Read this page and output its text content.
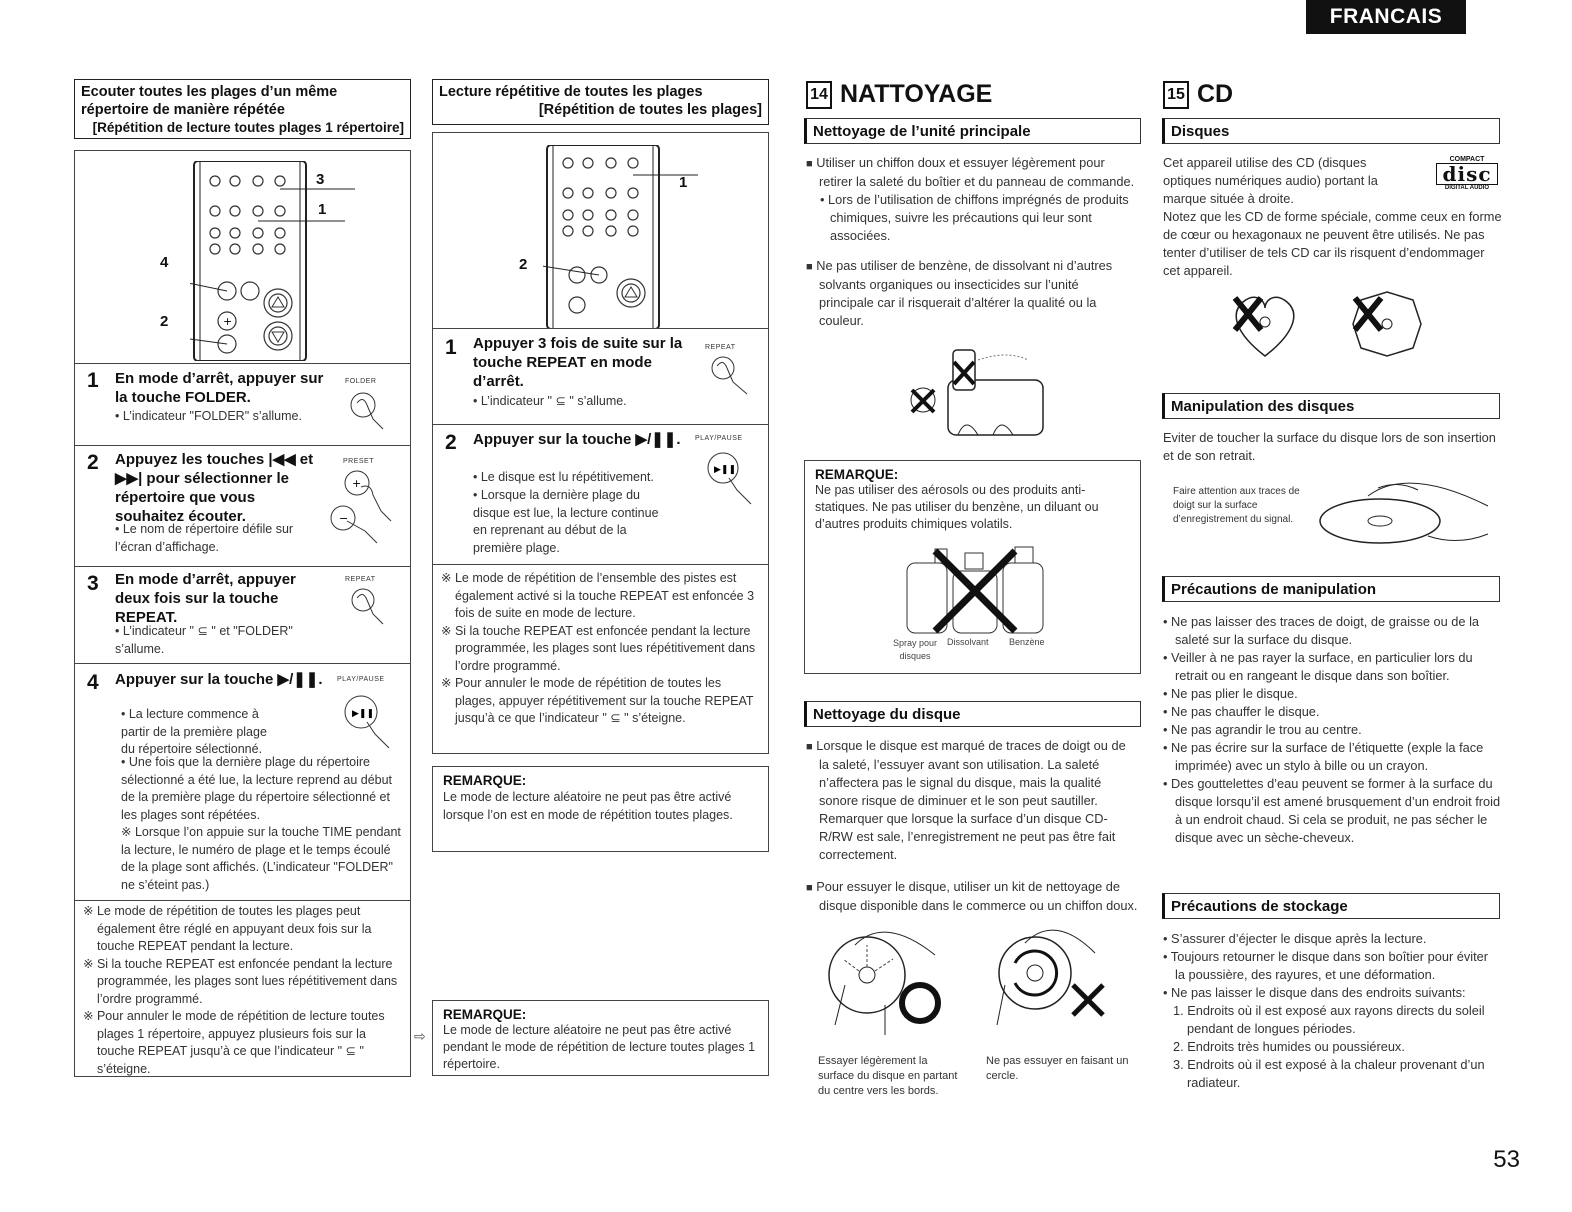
FRANCAIS
53
Ecouter toutes les plages d’un même
répertoire de manière répétée
[Répétition de lecture toutes plages 1 répertoire]
+
3
1
4
2
1 En mode d’arrêt, appuyer sur la touche FOLDER.
• L’indicateur "FOLDER" s’allume.
FOLDER
2 Appuyez les touches |◀◀ et ▶▶| pour sélectionner le répertoire que vous souhaitez écouter.
• Le nom de répertoire défile sur l’écran d’affichage.
PRESET
+
−
3 En mode d’arrêt, appuyer deux fois sur la touche REPEAT.
• L’indicateur " ⊆ " et "FOLDER" s’allume.
REPEAT
4 Appuyer sur la touche ▶/❚❚.
• La lecture commence à partir de la première plage du répertoire sélectionné.
• Une fois que la dernière plage du répertoire sélectionné a été lue, la lecture reprend au début de la première plage du répertoire sélectionné et les plages sont répétées.
※ Lorsque l’on appuie sur la touche TIME pendant la lecture, le numéro de plage et le temps écoulé de la plage sont affichés. (L’indicateur "FOLDER" ne s’éteint pas.)
PLAY/PAUSE
▶❚❚

※ Le mode de répétition de toutes les plages peut également être réglé en appuyant deux fois sur la touche REPEAT pendant la lecture.

※ Si la touche REPEAT est enfoncée pendant la lecture programmée, les plages sont lues répétitivement dans l’ordre programmé.

※ Pour annuler le mode de répétition de lecture toutes plages 1 répertoire, appuyez plusieurs fois sur la touche REPEAT jusqu’à ce que l’indicateur " ⊆ " s’éteigne.

Lecture répétitive de toutes les plages
[Répétition de toutes les plages]
1
2
1 Appuyer 3 fois de suite sur la touche REPEAT en mode d’arrêt.
• L’indicateur " ⊆ " s’allume.
REPEAT
2 Appuyer sur la touche ▶/❚❚.
• Le disque est lu répétitivement.
• Lorsque la dernière plage du disque est lue, la lecture continue en reprenant au début de la première plage.
PLAY/PAUSE
▶❚❚

※ Le mode de répétition de l’ensemble des pistes est également activé si la touche REPEAT est enfoncée 3 fois de suite en mode de lecture.

※ Si la touche REPEAT est enfoncée pendant la lecture programmée, les plages sont lues répétitivement dans l’ordre programmé.

※ Pour annuler le mode de répétition de toutes les plages, appuyer répétitivement sur la touche REPEAT jusqu’à ce que l’indicateur " ⊆ " s’éteigne.

REMARQUE:
Le mode de lecture aléatoire ne peut pas être activé lorsque l’on est en mode de répétition toutes plages.
REMARQUE:
Le mode de lecture aléatoire ne peut pas être activé pendant le mode de répétition de lecture toutes plages 1 répertoire.
⇨
14 NATTOYAGE
Nettoyage de l’unité principale

■ Utiliser un chiffon doux et essuyer légèrement pour retirer la saleté du boîtier et du panneau de commande.

• Lors de l’utilisation de chiffons imprégnés de produits chimiques, suivre les précautions qui leur sont associées.

■ Ne pas utiliser de benzène, de dissolvant ni d’autres solvants organiques ou insecticides sur l’unité principale car il risquerait d’altérer la qualité ou la couleur.

REMARQUE:
Ne pas utiliser des aérosols ou des produits anti-statiques. Ne pas utiliser du benzène, un diluant ou d’autres produits chimiques volatils.
Spray pour disques
Dissolvant Benzène
Nettoyage du disque

■ Lorsque le disque est marqué de traces de doigt ou de la saleté, l’essuyer avant son utilisation. La saleté n’affectera pas le signal du disque, mais la qualité sonore risque de diminuer et le son peut sautiller. Remarquer que lorsque la surface d’un disque CD-R/RW est sale, l’enregistrement ne peut pas être fait correctement.

■ Pour essuyer le disque, utiliser un kit de nettoyage de disque disponible dans le commerce ou un chiffon doux.

Essayer légèrement la surface du disque en partant du centre vers les bords.
Ne pas essuyer en faisant un cercle.
15 CD
Disques
Cet appareil utilise des CD (disques optiques numériques audio) portant la marque située à droite.
COMPACT
disc
DIGITAL AUDIO
Notez que les CD de forme spéciale, comme ceux en forme de cœur ou hexagonaux ne peuvent être utilisés. Ne pas tenter d’utiliser de tels CD car ils risquent d’endommager cet appareil.
Manipulation des disques
Eviter de toucher la surface du disque lors de son insertion et de son retrait.
Faire attention aux traces de doigt sur la surface d’enregistrement du signal.
Précautions de manipulation

• Ne pas laisser des traces de doigt, de graisse ou de la saleté sur la surface du disque.

• Veiller à ne pas rayer la surface, en particulier lors du retrait ou en rangeant le disque dans son boîtier.

• Ne pas plier le disque.

• Ne pas chauffer le disque.

• Ne pas agrandir le trou au centre.

• Ne pas écrire sur la surface de l’étiquette (exple la face imprimée) avec un stylo à bille ou un crayon.

• Des gouttelettes d’eau peuvent se former à la surface du disque lorsqu’il est amené brusquement d’un endroit froid à un endroit chaud. Si cela se produit, ne pas sécher le disque avec un sèche-cheveux.

Précautions de stockage

• S’assurer d’éjecter le disque après la lecture.

• Toujours retourner le disque dans son boîtier pour éviter la poussière, des rayures, et une déformation.

• Ne pas laisser le disque dans des endroits suivants:

1. Endroits où il est exposé aux rayons directs du soleil pendant de longues périodes.

2. Endroits très humides ou poussiéreux.

3. Endroits où il est exposé à la chaleur provenant d’un radiateur.
